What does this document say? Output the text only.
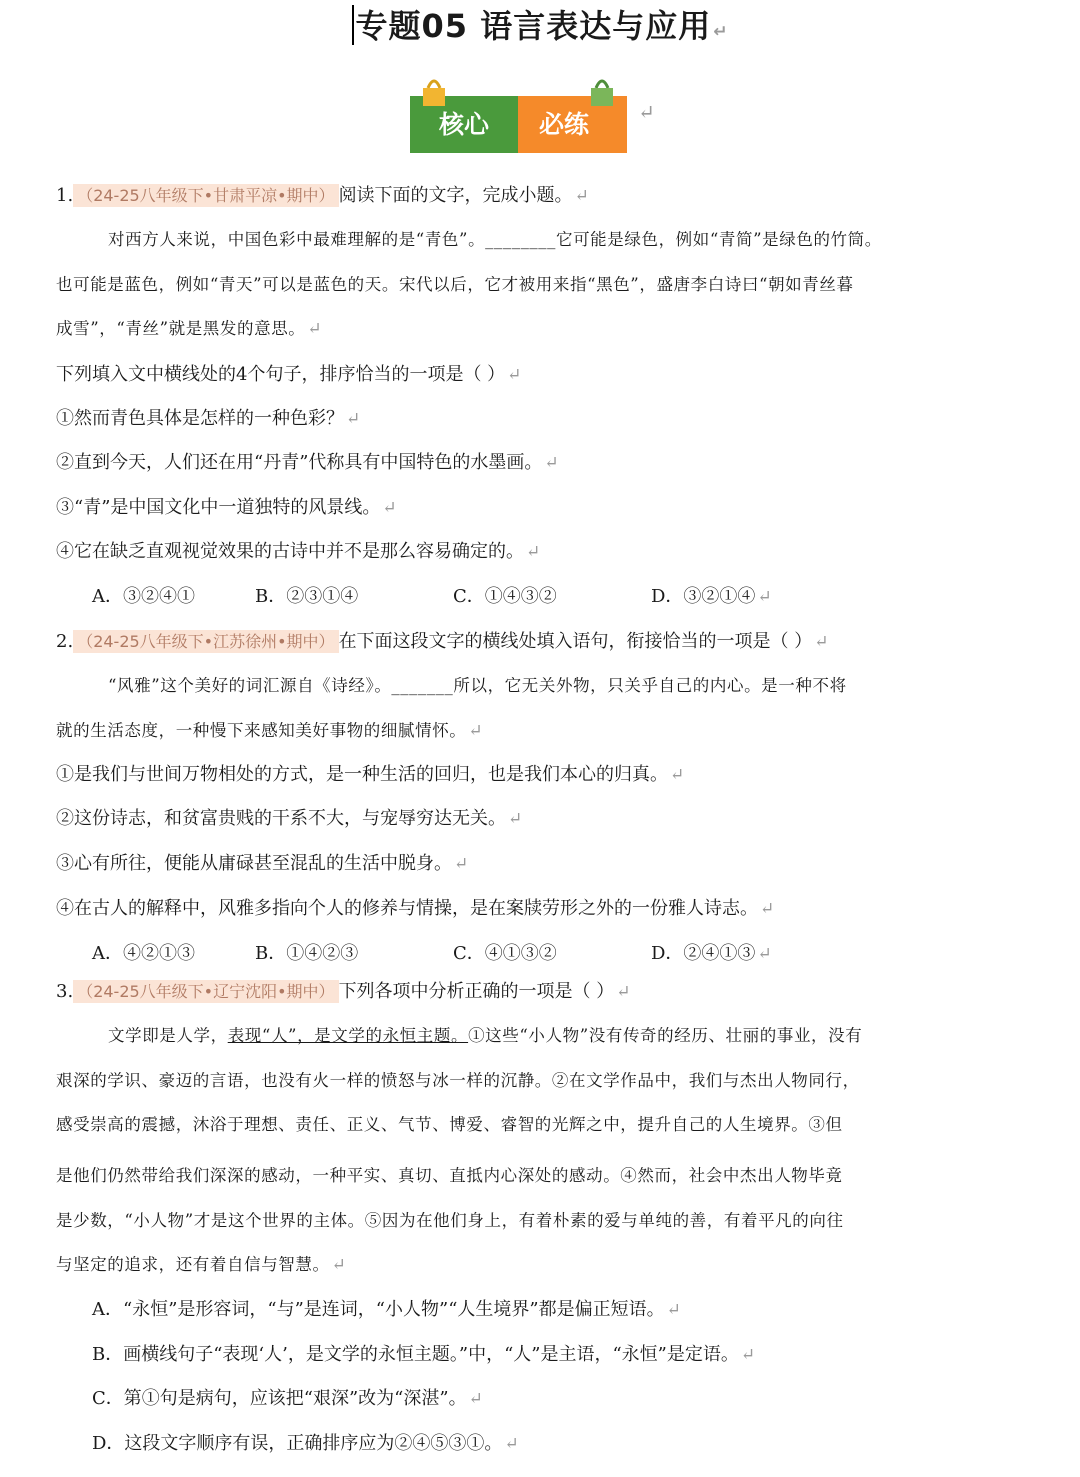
专题05 语言表达与应用 ↵
核心	必练	↵
1. （24-25八年级下•甘肃平凉•期中） 阅读下面的文字，完成小题。 ↵
对西方人来说，中国色彩中最难理解的是“青色”。________它可能是绿色，例如“青简”是绿色的竹筒。
也可能是蓝色，例如“青天”可以是蓝色的天。宋代以后，它才被用来指“黑色”，盛唐李白诗曰“朝如青丝暮
成雪”，“青丝”就是黑发的意思。 ↵
下列填入文中横线处的4个句子，排序恰当的一项是（ ） ↵
①然而青色具体是怎样的一种色彩？ ↵
②直到今天，人们还在用“丹青”代称具有中国特色的水墨画。 ↵
③“青”是中国文化中一道独特的风景线。 ↵
④它在缺乏直观视觉效果的古诗中并不是那么容易确定的。 ↵
A．③②④①	B．②③①④	C．①④③②	D．③②①④ ↵
2. （24-25八年级下•江苏徐州•期中） 在下面这段文字的横线处填入语句，衔接恰当的一项是（ ） ↵
“风雅”这个美好的词汇源自《诗经》。_______所以，它无关外物，只关乎自己的内心。是一种不将
就的生活态度，一种慢下来感知美好事物的细腻情怀。 ↵
①是我们与世间万物相处的方式，是一种生活的回归，也是我们本心的归真。 ↵
②这份诗志，和贫富贵贱的干系不大，与宠辱穷达无关。 ↵
③心有所往，便能从庸碌甚至混乱的生活中脱身。 ↵
④在古人的解释中，风雅多指向个人的修养与情操，是在案牍劳形之外的一份雅人诗志。 ↵
A．④②①③	B．①④②③	C．④①③②	D．②④①③ ↵
3. （24-25八年级下•辽宁沈阳•期中） 下列各项中分析正确的一项是（ ） ↵
文学即是人学，表现“人”，是文学的永恒主题。①这些“小人物”没有传奇的经历、壮丽的事业，没有
艰深的学识、豪迈的言语，也没有火一样的愤怒与冰一样的沉静。②在文学作品中，我们与杰出人物同行，
感受崇高的震撼，沐浴于理想、责任、正义、气节、博爱、睿智的光辉之中，提升自己的人生境界。③但
是他们仍然带给我们深深的感动，一种平实、真切、直抵内心深处的感动。④然而，社会中杰出人物毕竟
是少数，“小人物”才是这个世界的主体。⑤因为在他们身上，有着朴素的爱与单纯的善，有着平凡的向往
与坚定的追求，还有着自信与智慧。 ↵
A．“永恒”是形容词，“与”是连词，“小人物”“人生境界”都是偏正短语。 ↵
B．画横线句子“表现‘人’，是文学的永恒主题。”中，“人”是主语，“永恒”是定语。 ↵
C．第①句是病句，应该把“艰深”改为“深湛”。 ↵
D．这段文字顺序有误，正确排序应为②④⑤③①。 ↵
